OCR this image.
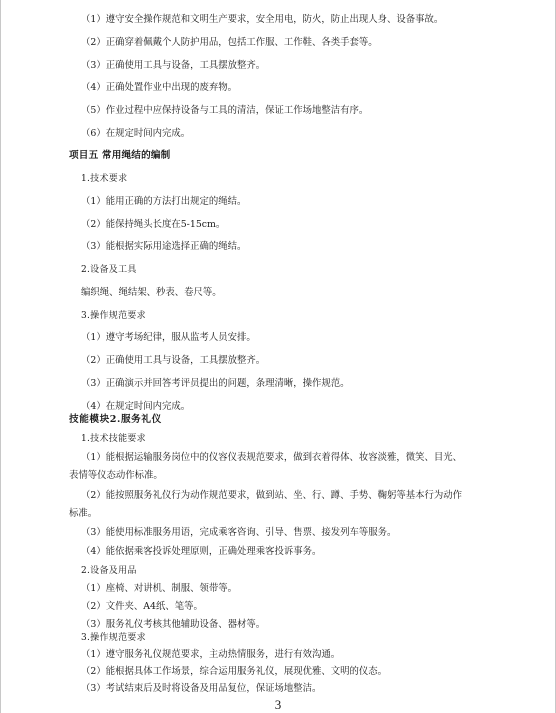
（1）遵守安全操作规范和文明生产要求，安全用电，防火，防止出现人身、设备事故。
（2）正确穿着佩戴个人防护用品，包括工作服、工作鞋、各类手套等。
（3）正确使用工具与设备，工具摆放整齐。
（4）正确处置作业中出现的废弃物。
（5）作业过程中应保持设备与工具的清洁，保证工作场地整洁有序。
（6）在规定时间内完成。
项目五 常用绳结的编制
1.技术要求
（1）能用正确的方法打出规定的绳结。
（2）能保持绳头长度在5-15cm。
（3）能根据实际用途选择正确的绳结。
2.设备及工具
编织绳、绳结架、秒表、卷尺等。
3.操作规范要求
（1）遵守考场纪律，服从监考人员安排。
（2）正确使用工具与设备，工具摆放整齐。
（3）正确演示并回答考评员提出的问题，条理清晰，操作规范。
（4）在规定时间内完成。
技能模块2.服务礼仪
1.技术技能要求
（1）能根据运输服务岗位中的仪容仪表规范要求，做到衣着得体、妆容淡雅，微笑、目光、
表情等仪态动作标准。
（2）能按照服务礼仪行为动作规范要求，做到站、坐、行、蹲、手势、鞠躬等基本行为动作
标准。
（3）能使用标准服务用语，完成乘客咨询、引导、售票、接发列车等服务。
（4）能依据乘客投诉处理原则，正确处理乘客投诉事务。
2.设备及用品
（1）座椅、对讲机、制服、领带等。
（2）文件夹、A4纸、笔等。
（3）服务礼仪考核其他辅助设备、器材等。
3.操作规范要求
（1）遵守服务礼仪规范要求，主动热情服务，进行有效沟通。
（2）能根据具体工作场景，综合运用服务礼仪，展现优雅、文明的仪态。
（3）考试结束后及时将设备及用品复位，保证场地整洁。
3
